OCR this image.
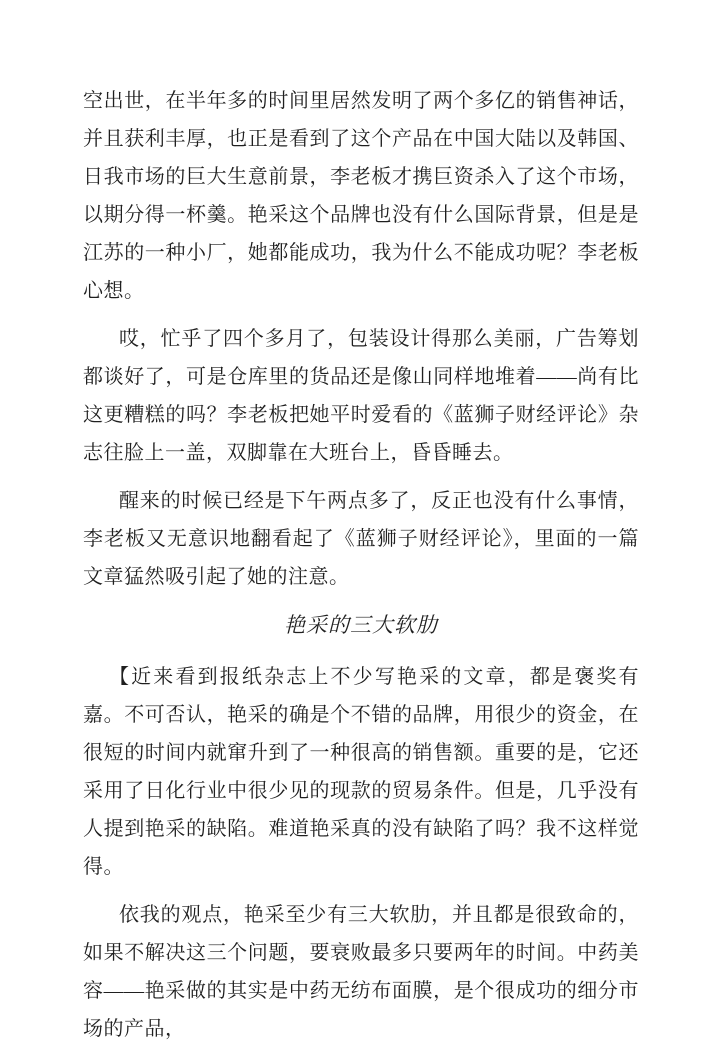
空出世，在半年多的时间里居然发明了两个多亿的销售神话，并且获利丰厚，也正是看到了这个产品在中国大陆以及韩国、日我市场的巨大生意前景，李老板才携巨资杀入了这个市场，以期分得一杯羹。艳采这个品牌也没有什么国际背景，但是是江苏的一种小厂，她都能成功，我为什么不能成功呢？李老板心想。

哎，忙乎了四个多月了，包装设计得那么美丽，广告筹划都谈好了，可是仓库里的货品还是像山同样地堆着——尚有比这更糟糕的吗？李老板把她平时爱看的《蓝狮子财经评论》杂志往脸上一盖，双脚靠在大班台上，昏昏睡去。

醒来的时候已经是下午两点多了，反正也没有什么事情，李老板又无意识地翻看起了《蓝狮子财经评论》，里面的一篇文章猛然吸引起了她的注意。

艳采的三大软肋

【近来看到报纸杂志上不少写艳采的文章，都是褒奖有嘉。不可否认，艳采的确是个不错的品牌，用很少的资金，在很短的时间内就窜升到了一种很高的销售额。重要的是，它还采用了日化行业中很少见的现款的贸易条件。但是，几乎没有人提到艳采的缺陷。难道艳采真的没有缺陷了吗？我不这样觉得。

依我的观点，艳采至少有三大软肋，并且都是很致命的，如果不解决这三个问题，要衰败最多只要两年的时间。中药美容——艳采做的其实是中药无纺布面膜，是个很成功的细分市场的产品，
